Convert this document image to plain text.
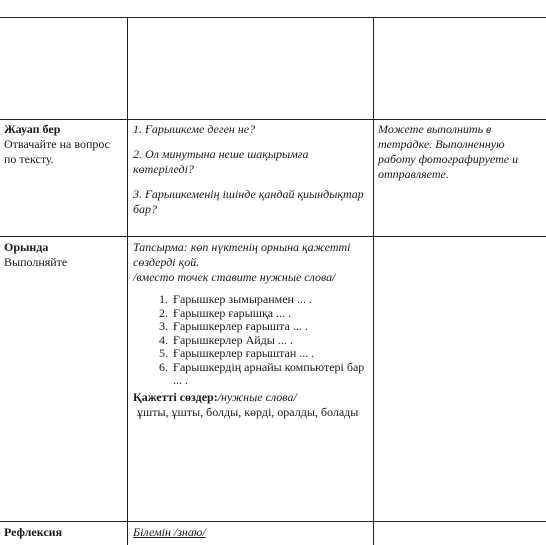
Жауап бер
Отвачайте на вопрос
по тексту.
1. Ғарышкеме деген не?
2. Ол минутына неше шақырымға көтеріледі?
3. Ғарышкеменің ішінде қандай қиындықтар бар?
Можете выполнить в тетрадке. Выполненную работу фотографируете и отправляете.
Орында
Выполняйте
Тапсырма: көп нүктенің орнына қажетті сөздерді қой.
/вместо точек ставите нужные слова/
1. Ғарышкер зымыранмен ... .
2. Ғарышкер ғарышқа ... .
3. Ғарышкерлер ғарышта ... .
4. Ғарышкерлер Айды ... .
5. Ғарышкерлер ғарыштан ... .
6. Ғарышкердің арнайы компьютері бар ... .
Қажетті сөздер:/нужные слова/
ұшты, ұшты, болды, көрді, оралды, болады
Рефлексия	Білемін /знаю/
